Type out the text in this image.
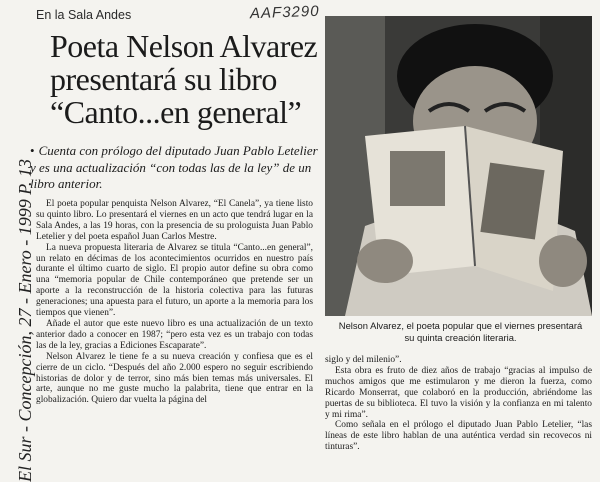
En la Sala Andes	AAF3290
Poeta Nelson Alvarez presentará su libro “Canto...en general”
• Cuenta con prólogo del diputado Juan Pablo Letelier y es una actualización “con todas las de la ley” de un libro anterior.

El poeta popular penquista Nelson Alvarez, “El Canela”, ya tiene listo su quinto libro. Lo presentará el viernes en un acto que tendrá lugar en la Sala Andes, a las 19 horas, con la presencia de su prologuista Juan Pablo Letelier y del poeta español Juan Carlos Mestre.

La nueva propuesta literaria de Alvarez se titula “Canto...en general”, un relato en décimas de los acontecimientos ocurridos en nuestro país durante el último cuarto de siglo. El propio autor define su obra como una “memoria popular de Chile contemporáneo que pretende ser un aporte a la reconstrucción de la historia colectiva para las futuras generaciones; una apuesta para el futuro, un aporte a la memoria para los tiempos que vienen”.

Añade el autor que este nuevo libro es una actualización de un texto anterior dado a conocer en 1987; “pero esta vez es un trabajo con todas las de la ley, gracias a Ediciones Escaparate”.

Nelson Alvarez le tiene fe a su nueva creación y confiesa que es el cierre de un ciclo. “Después del año 2.000 espero no seguir escribiendo historias de dolor y de terror, sino más bien temas más universales. El arte, aunque no me guste mucho la palabrita, tiene que entrar en la globalización. Quiero dar vuelta la página del

Nelson Alvarez, el poeta popular que el viernes presentará su quinta creación literaria.

siglo y del milenio”.

Esta obra es fruto de diez años de trabajo “gracias al impulso de muchos amigos que me estimularon y me dieron la fuerza, como Ricardo Monserrat, que colaboró en la producción, abriéndome las puertas de su biblioteca. El tuvo la visión y la confianza en mi talento y mi rima”.

Como señala en el prólogo el diputado Juan Pablo Letelier, “las líneas de este libro hablan de una auténtica verdad sin recovecos ni tinturas”.

El Sur - Concepción, 27 - Enero - 1999 P. 13
